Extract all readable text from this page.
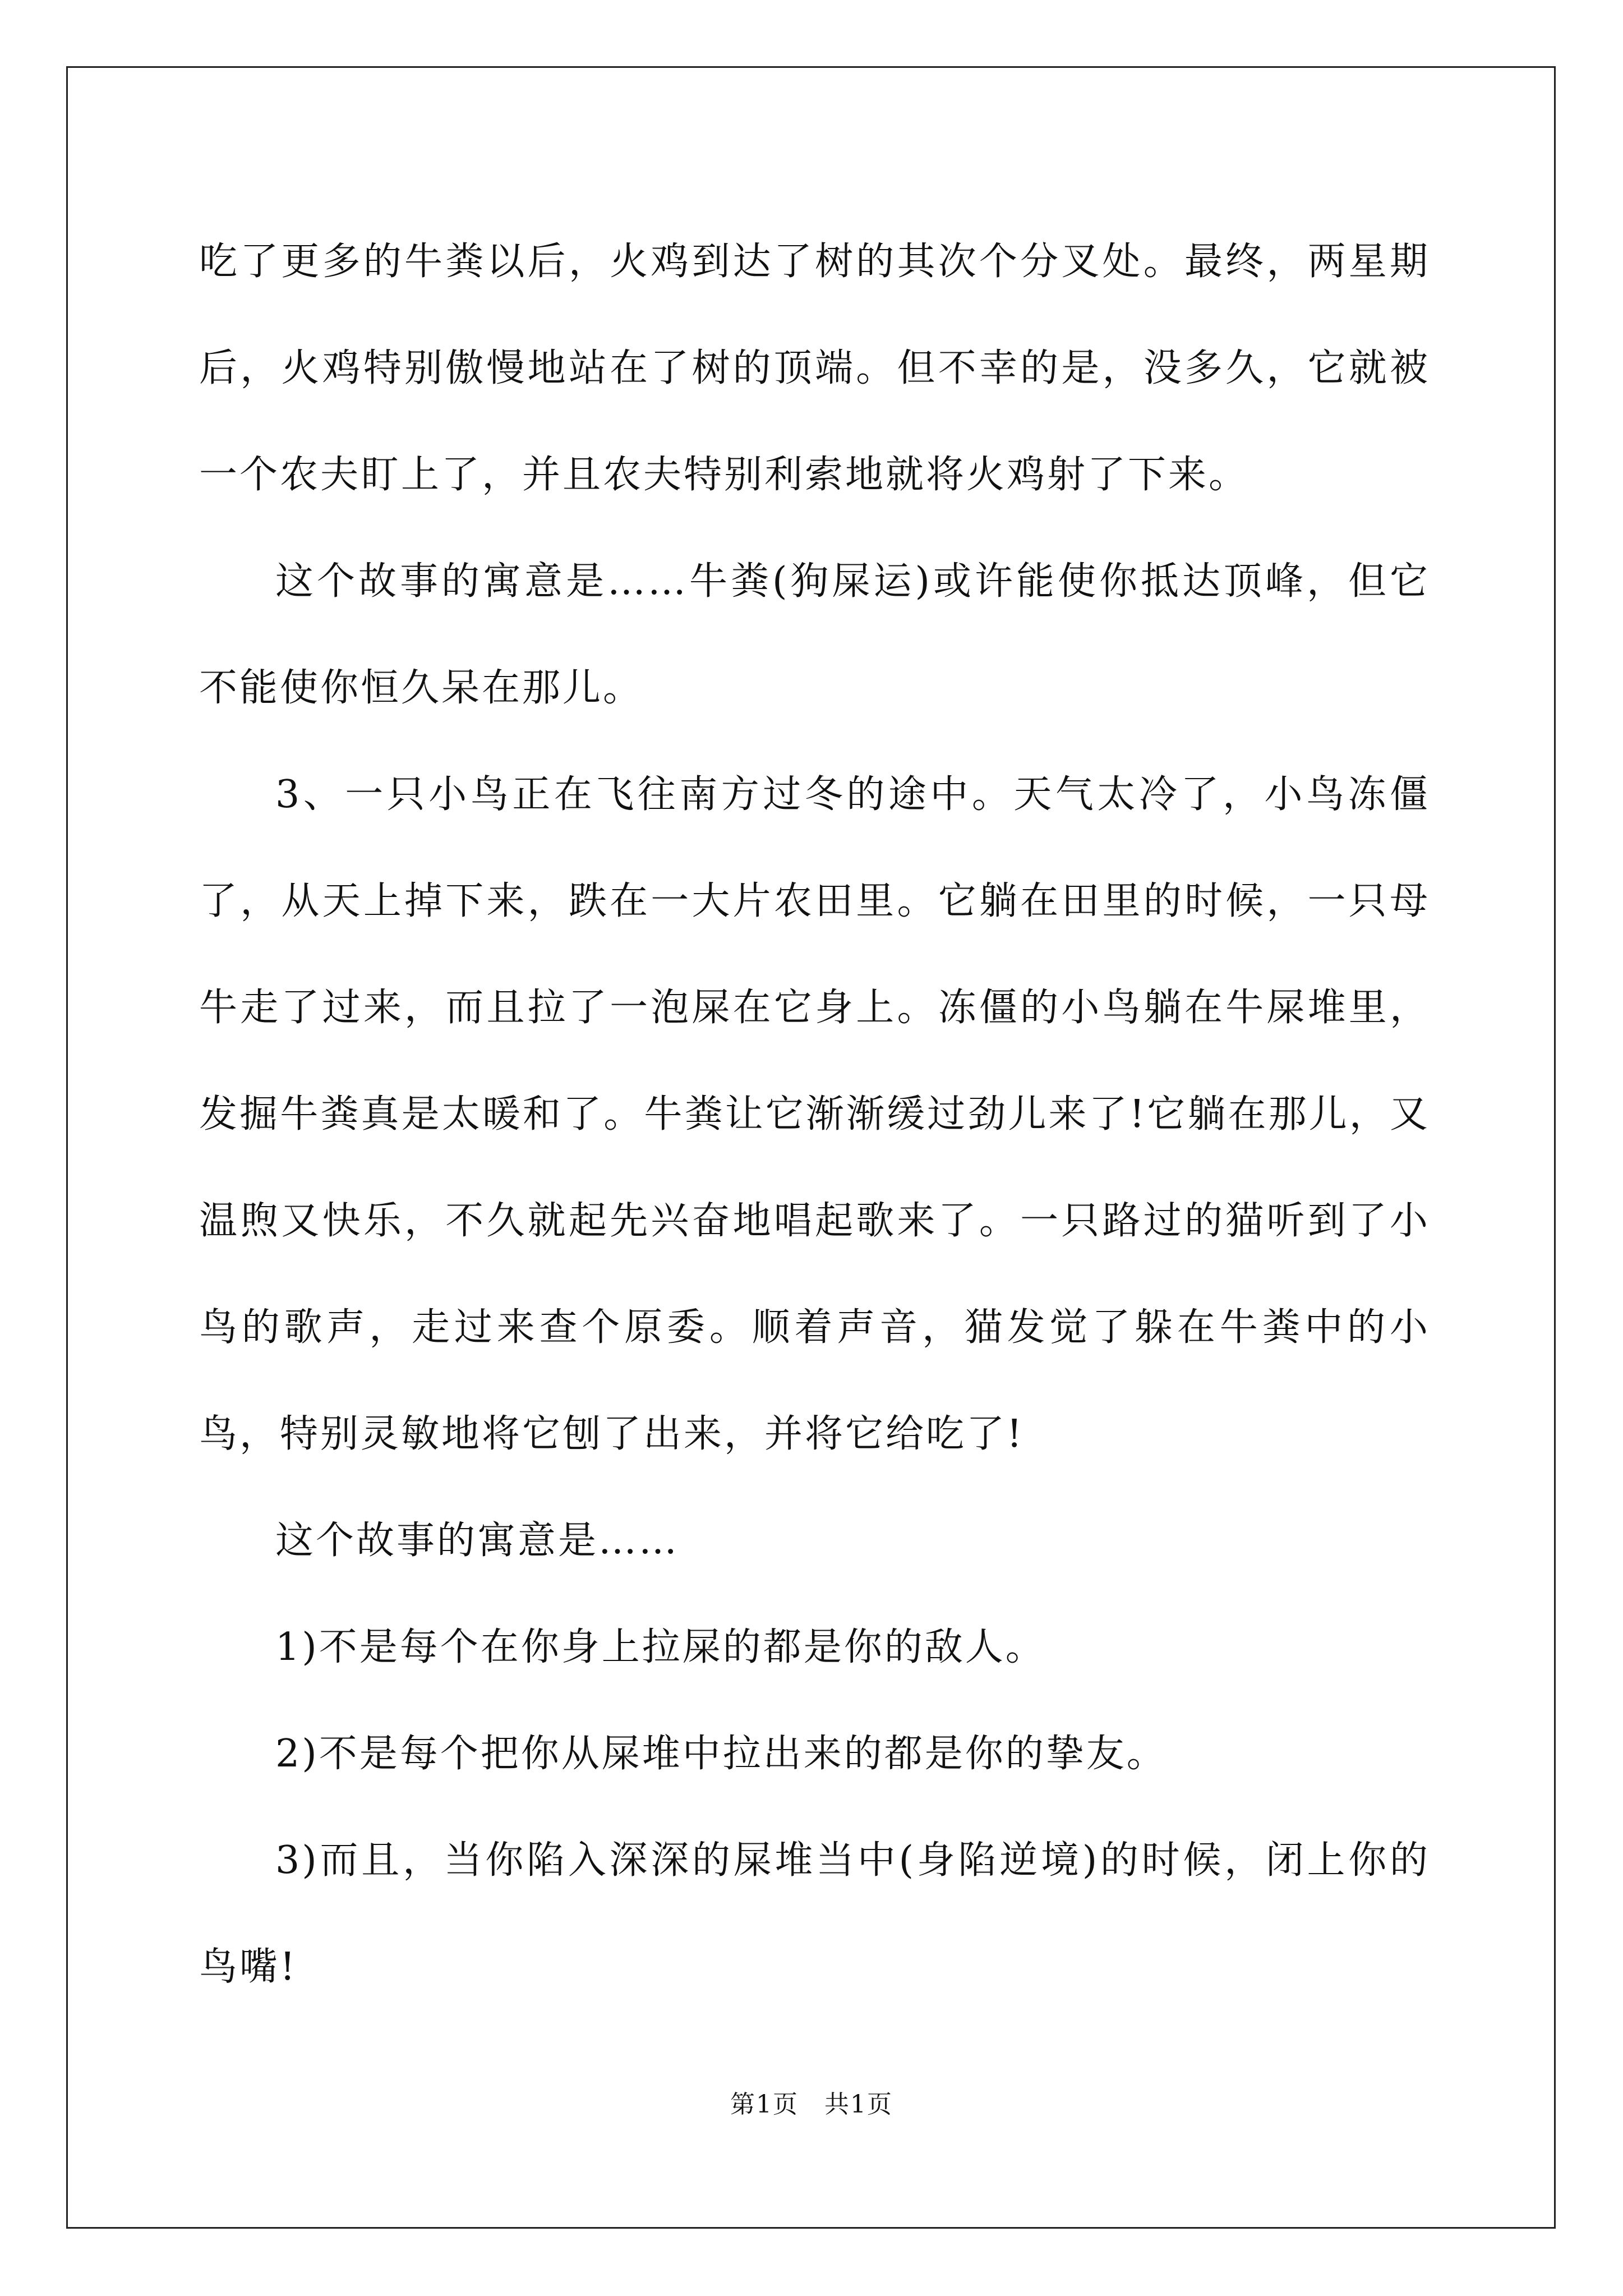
吃了更多的牛粪以后，火鸡到达了树的其次个分叉处。最终，两星期后，火鸡特别傲慢地站在了树的顶端。但不幸的是，没多久，它就被一个农夫盯上了，并且农夫特别利索地就将火鸡射了下来。

这个故事的寓意是……牛粪(狗屎运)或许能使你抵达顶峰，但它不能使你恒久呆在那儿。

3、一只小鸟正在飞往南方过冬的途中。天气太冷了，小鸟冻僵了，从天上掉下来，跌在一大片农田里。它躺在田里的时候，一只母牛走了过来，而且拉了一泡屎在它身上。冻僵的小鸟躺在牛屎堆里，发掘牛粪真是太暖和了。牛粪让它渐渐缓过劲儿来了!它躺在那儿，又温煦又快乐，不久就起先兴奋地唱起歌来了。一只路过的猫听到了小鸟的歌声，走过来查个原委。顺着声音，猫发觉了躲在牛粪中的小鸟，特别灵敏地将它刨了出来，并将它给吃了!

这个故事的寓意是……

1)不是每个在你身上拉屎的都是你的敌人。

2)不是每个把你从屎堆中拉出来的都是你的挚友。

3)而且，当你陷入深深的屎堆当中(身陷逆境)的时候，闭上你的鸟嘴!

第1页　共1页
